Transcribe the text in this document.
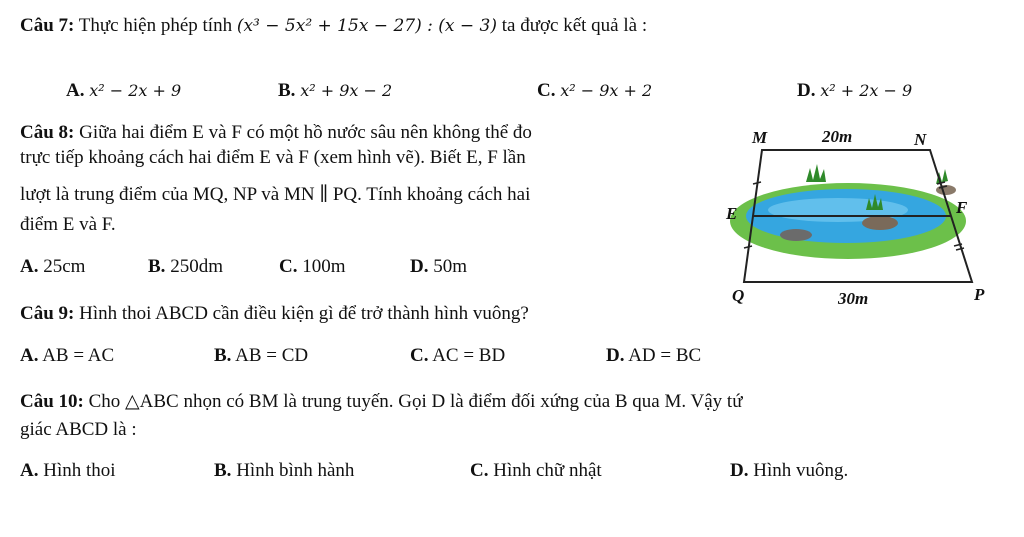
Câu 7: Thực hiện phép tính (x³ − 5x² + 15x − 27) : (x − 3) ta được kết quả là :
A. x² − 2x + 9	B. x² + 9x − 2	C. x² − 9x + 2	D. x² + 2x − 9
Câu 8: Giữa hai điểm E và F có một hồ nước sâu nên không thể đo
trực tiếp khoảng cách hai điểm E và F (xem hình vẽ). Biết E, F lần
lượt là trung điểm của MQ, NP và MN ∥ PQ. Tính khoảng cách hai
điểm E và F.
A. 25cm	B. 250dm	C. 100m	D. 50m
M	20m	N
E	F
Q	30m	P
Câu 9: Hình thoi ABCD cần điều kiện gì để trở thành hình vuông?
A. AB = AC	B. AB = CD	C. AC = BD	D. AD = BC
Câu 10: Cho △ABC nhọn có BM là trung tuyến. Gọi D là điểm đối xứng của B qua M. Vậy tứ
giác ABCD là :
A. Hình thoi	B. Hình bình hành	C. Hình chữ nhật	D. Hình vuông.
